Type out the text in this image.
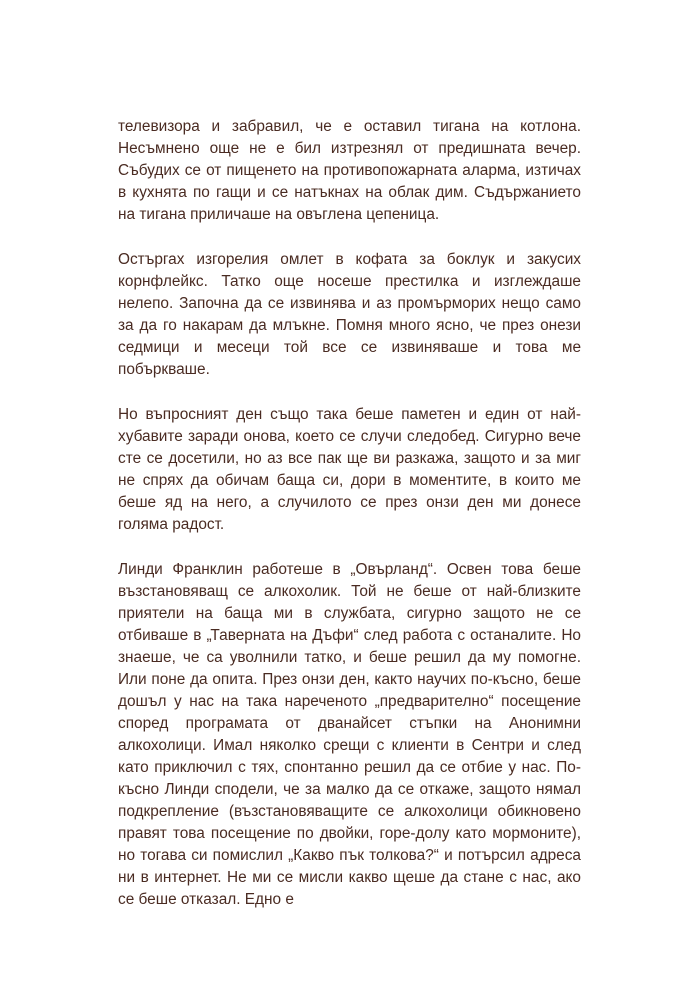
телевизора и забравил, че е оставил тигана на котлона. Несъмнено още не е бил изтрезнял от предишната вечер. Събудих се от пищенето на противопожарната аларма, изтичах в кухнята по гащи и се натъкнах на облак дим. Съдържанието на тигана приличаше на овъглена цепеница.

Остъргах изгорелия омлет в кофата за боклук и закусих корнфлейкс. Татко още носеше престилка и изглеждаше нелепо. Започна да се извинява и аз промърморих нещо само за да го накарам да млъкне. Помня много ясно, че през онези седмици и месеци той все се извиняваше и това ме побъркваше.

Но въпросният ден също така беше паметен и един от най-хубавите заради онова, което се случи следобед. Сигурно вече сте се досетили, но аз все пак ще ви разкажа, защото и за миг не спрях да обичам баща си, дори в моментите, в които ме беше яд на него, а случилото се през онзи ден ми донесе голяма радост.

Линди Франклин работеше в „Овърланд“. Освен това беше възстановяващ се алкохолик. Той не беше от най-близките приятели на баща ми в службата, сигурно защото не се отбиваше в „Таверната на Дъфи“ след работа с останалите. Но знаеше, че са уволнили татко, и беше решил да му помогне. Или поне да опита. През онзи ден, както научих по-късно, беше дошъл у нас на така нареченото „предварително“ посещение според програмата от дванайсет стъпки на Анонимни алкохолици. Имал няколко срещи с клиенти в Сентри и след като приключил с тях, спонтанно решил да се отбие у нас. По-късно Линди сподели, че за малко да се откаже, защото нямал подкрепление (възстановяващите се алкохолици обикновено правят това посещение по двойки, горе-долу като мормоните), но тогава си помислил „Какво пък толкова?“ и потърсил адреса ни в интернет. Не ми се мисли какво щеше да стане с нас, ако се беше отказал. Едно е
